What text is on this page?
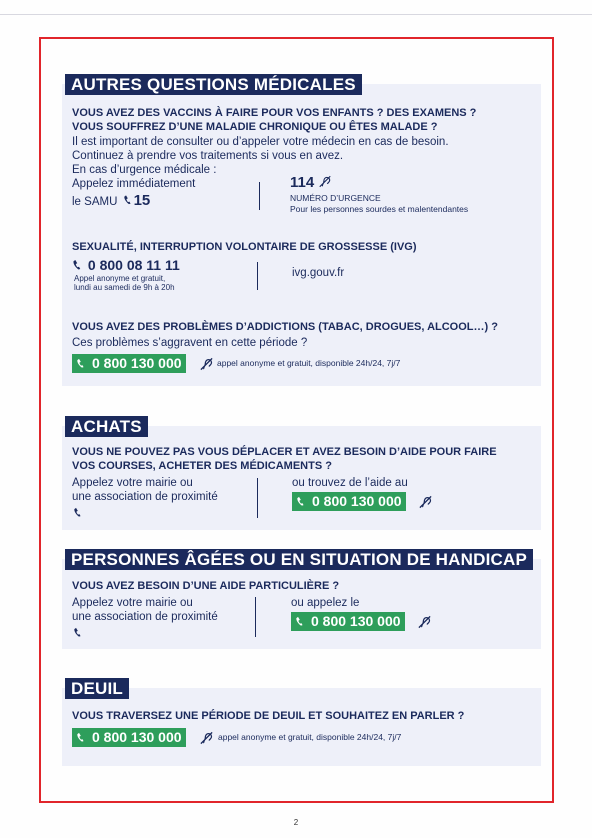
AUTRES QUESTIONS MÉDICALES
VOUS AVEZ DES VACCINS À FAIRE POUR VOS ENFANTS ? DES EXAMENS ?
VOUS SOUFFREZ D’UNE MALADIE CHRONIQUE OU ÊTES MALADE ?
Il est important de consulter ou d’appeler votre médecin en cas de besoin.
Continuez à prendre vos traitements si vous en avez.
En cas d’urgence médicale :
Appelez immédiatement
le SAMU 15
114
NUMÉRO D’URGENCE
Pour les personnes sourdes et malentendantes
SEXUALITÉ, INTERRUPTION VOLONTAIRE DE GROSSESSE (IVG)
0 800 08 11 11
Appel anonyme et gratuit,
lundi au samedi de 9h à 20h
ivg.gouv.fr
VOUS AVEZ DES PROBLÈMES D’ADDICTIONS (TABAC, DROGUES, ALCOOL…) ?
Ces problèmes s’aggravent en cette période ?
0 800 130 000	appel anonyme et gratuit, disponible 24h/24, 7j/7
ACHATS
VOUS NE POUVEZ PAS VOUS DÉPLACER ET AVEZ BESOIN D’AIDE POUR FAIRE
VOS COURSES, ACHETER DES MÉDICAMENTS ?
Appelez votre mairie ou
une association de proximité
ou trouvez de l’aide au
0 800 130 000
PERSONNES ÂGÉES OU EN SITUATION DE HANDICAP
VOUS AVEZ BESOIN D’UNE AIDE PARTICULIÈRE ?
Appelez votre mairie ou
une association de proximité
ou appelez le
0 800 130 000
DEUIL
VOUS TRAVERSEZ UNE PÉRIODE DE DEUIL ET SOUHAITEZ EN PARLER ?
0 800 130 000	appel anonyme et gratuit, disponible 24h/24, 7j/7
2
